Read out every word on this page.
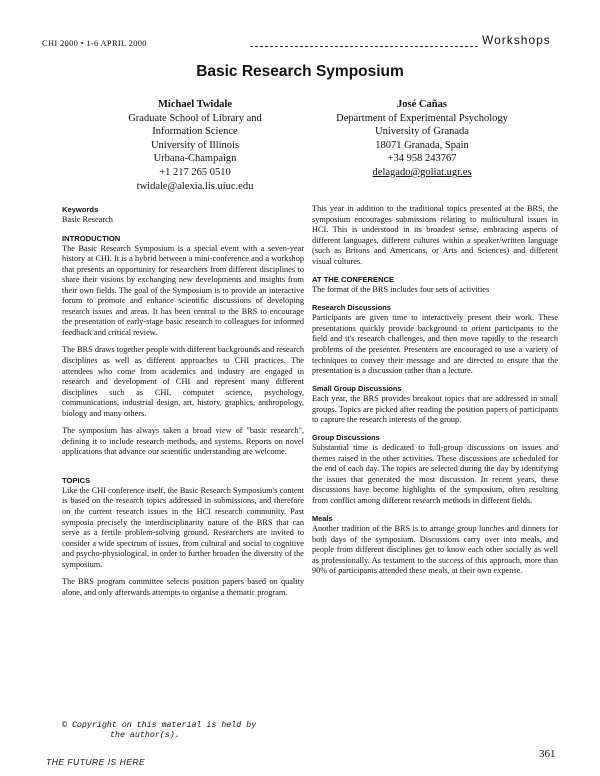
CHI 2000 • 1-6 APRIL 2000	Workshops
Basic Research Symposium
Michael Twidale
Graduate School of Library and
Information Science
University of Illinois
Urbana-Champaign
+1 217 265 0510
twidale@alexia.lis.uiuc.edu
José Cañas
Department of Experimental Psychology
University of Granada
18071 Granada, Spain
+34 958 243767
delagado@goliat.ugr.es
Keywords
Basic Research
INTRODUCTION

The Basic Research Symposium is a special event with a seven-year history at CHI. It is a hybrid between a mini-conference and a workshop that presents an opportunity for researchers from different disciplines to share their visions by exchanging new developments and insights from their own fields. The goal of the Symposium is to provide an interactive forum to promote and enhance scientific discussions of developing research issues and areas. It has been central to the BRS to encourage the presentation of early-stage basic research to colleagues for informed feedback and critical review.

The BRS draws together people with different backgrounds and research disciplines as well as different approaches to CHI practices. The attendees who come from academics and industry are engaged in research and development of CHI and represent many different disciplines such as CHI, computer science, psychology, communications, industrial design, art, history, graphics, anthropology, biology and many others.

The symposium has always taken a broad view of "basic research", defining it to include research methods, and systems. Reports on novel applications that advance our scientific understanding are welcome.

TOPICS

Like the CHI conference itself, the Basic Research Symposium's content is based on the research topics addressed in submissions, and therefore on the current research issues in the HCI research community. Past symposia precisely the interdisciplinarity nature of the BRS that can serve as a fertile problem-solving ground. Researchers are invited to consider a wide spectrum of issues, from cultural and social to cognitive and psycho-physiological, in order to further broaden the diversity of the symposium.

The BRS program committee selects position papers based on quality alone, and only afterwards attempts to organise a thematic program.

This year in addition to the traditional topics presented at the BRS, the symposium encourages submissions relating to multicultural issues in HCI. This is understood in its broadest sense, embracing aspects of different languages, different cultures within a speaker/written language (such as Britons and Americans, or Arts and Sciences) and different visual cultures.

AT THE CONFERENCE

The format of the BRS includes four sets of activities

Research Discussions

Participants are given time to interactively present their work. These presentations quickly provide background to orient participants to the field and it's research challenges, and then move rapidly to the research problems of the presenter. Presenters are encouraged to use a variety of techniques to convey their message and are directed to ensure that the presentation is a discussion rather than a lecture.

Small Group Discussions

Each year, the BRS provides breakout topics that are addressed in small groups. Topics are picked after reading the position papers of participants to capture the research interests of the group.

Group Discussions

Substantial time is dedicated to full-group discussions on issues and themes raised in the other activities. These discussions are scheduled for the end of each day. The topics are selected during the day by identifying the issues that generated the most discussion. In recent years, these discussions have become highlights of the symposium, often resulting from conflict among different research methods in different fields.

Meals

Another tradition of the BRS is to arrange group lunches and dinners for both days of the symposium. Discussions carry over into meals, and people from different disciplines get to know each other socially as well as professionally. As testament to the success of this approach, more than 90% of participants attended these meals, at their own expense.

© Copyright on this material is held by
the author(s).
THE FUTURE IS HERE
361
